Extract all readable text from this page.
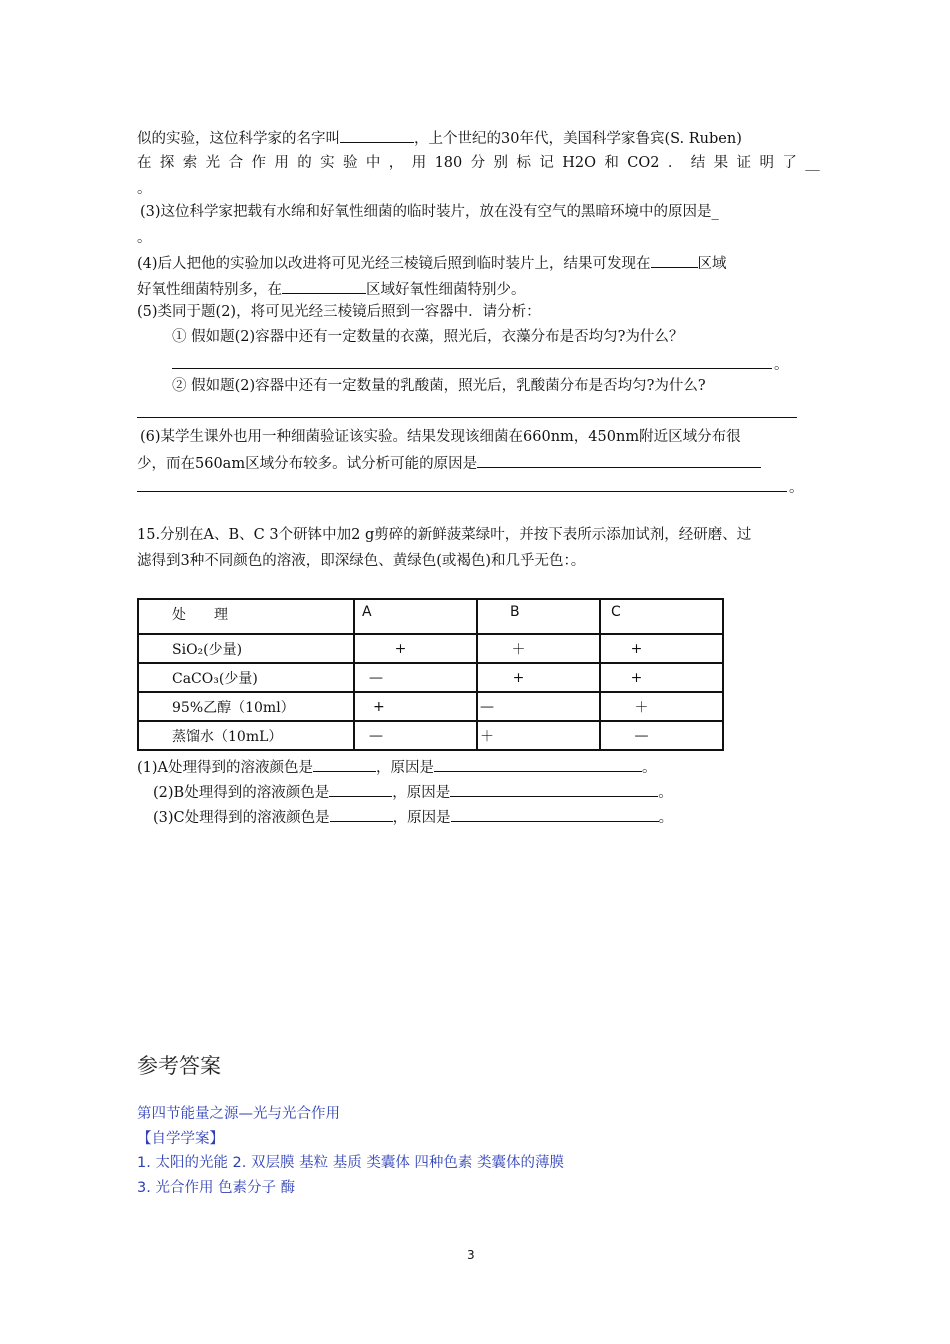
似的实验，这位科学家的名字叫	，上个世纪的30年代，美国科学家鲁宾(S. Ruben)
在 探 索 光 合 作 用 的 实 验 中 ， 用 180 分 别 标 记 H2O 和 CO2 ． 结 果 证 明 了 __
。
(3)这位科学家把载有水绵和好氧性细菌的临时装片，放在没有空气的黑暗环境中的原因是_
。
(4)后人把他的实验加以改进将可见光经三棱镜后照到临时装片上，结果可发现在	区域
好氧性细菌特别多，在	区域好氧性细菌特别少。
(5)类同于题(2)，将可见光经三棱镜后照到一容器中．请分析：
① 假如题(2)容器中还有一定数量的衣藻，照光后，衣藻分布是否均匀?为什么？
。
② 假如题(2)容器中还有一定数量的乳酸菌，照光后，乳酸菌分布是否均匀?为什么?
(6)某学生课外也用一种细菌验证该实验。结果发现该细菌在660nm，450nm附近区域分布很
少，而在560am区域分布较多。试分析可能的原因是
。
15.分别在A、B、C 3个研钵中加2 g剪碎的新鲜菠菜绿叶，并按下表所示添加试剂，经研磨、过
滤得到3种不同颜色的溶液，即深绿色、黄绿色(或褐色)和几乎无色：。
处　　理	A	B	C
SiO₂(少量)	+	＋	+
CaCO₃(少量)	—	+	+
95%乙醇（10ml）	+	—	＋
蒸馏水（10mL）	—	＋	—
(1)A处理得到的溶液颜色是	，原因是	。
(2)B处理得到的溶液颜色是	，原因是	。
(3)C处理得到的溶液颜色是	，原因是	。
参考答案
第四节能量之源—光与光合作用
【自学学案】
1. 太阳的光能 2. 双层膜 基粒 基质 类囊体 四种色素 类囊体的薄膜
3. 光合作用 色素分子 酶
3
